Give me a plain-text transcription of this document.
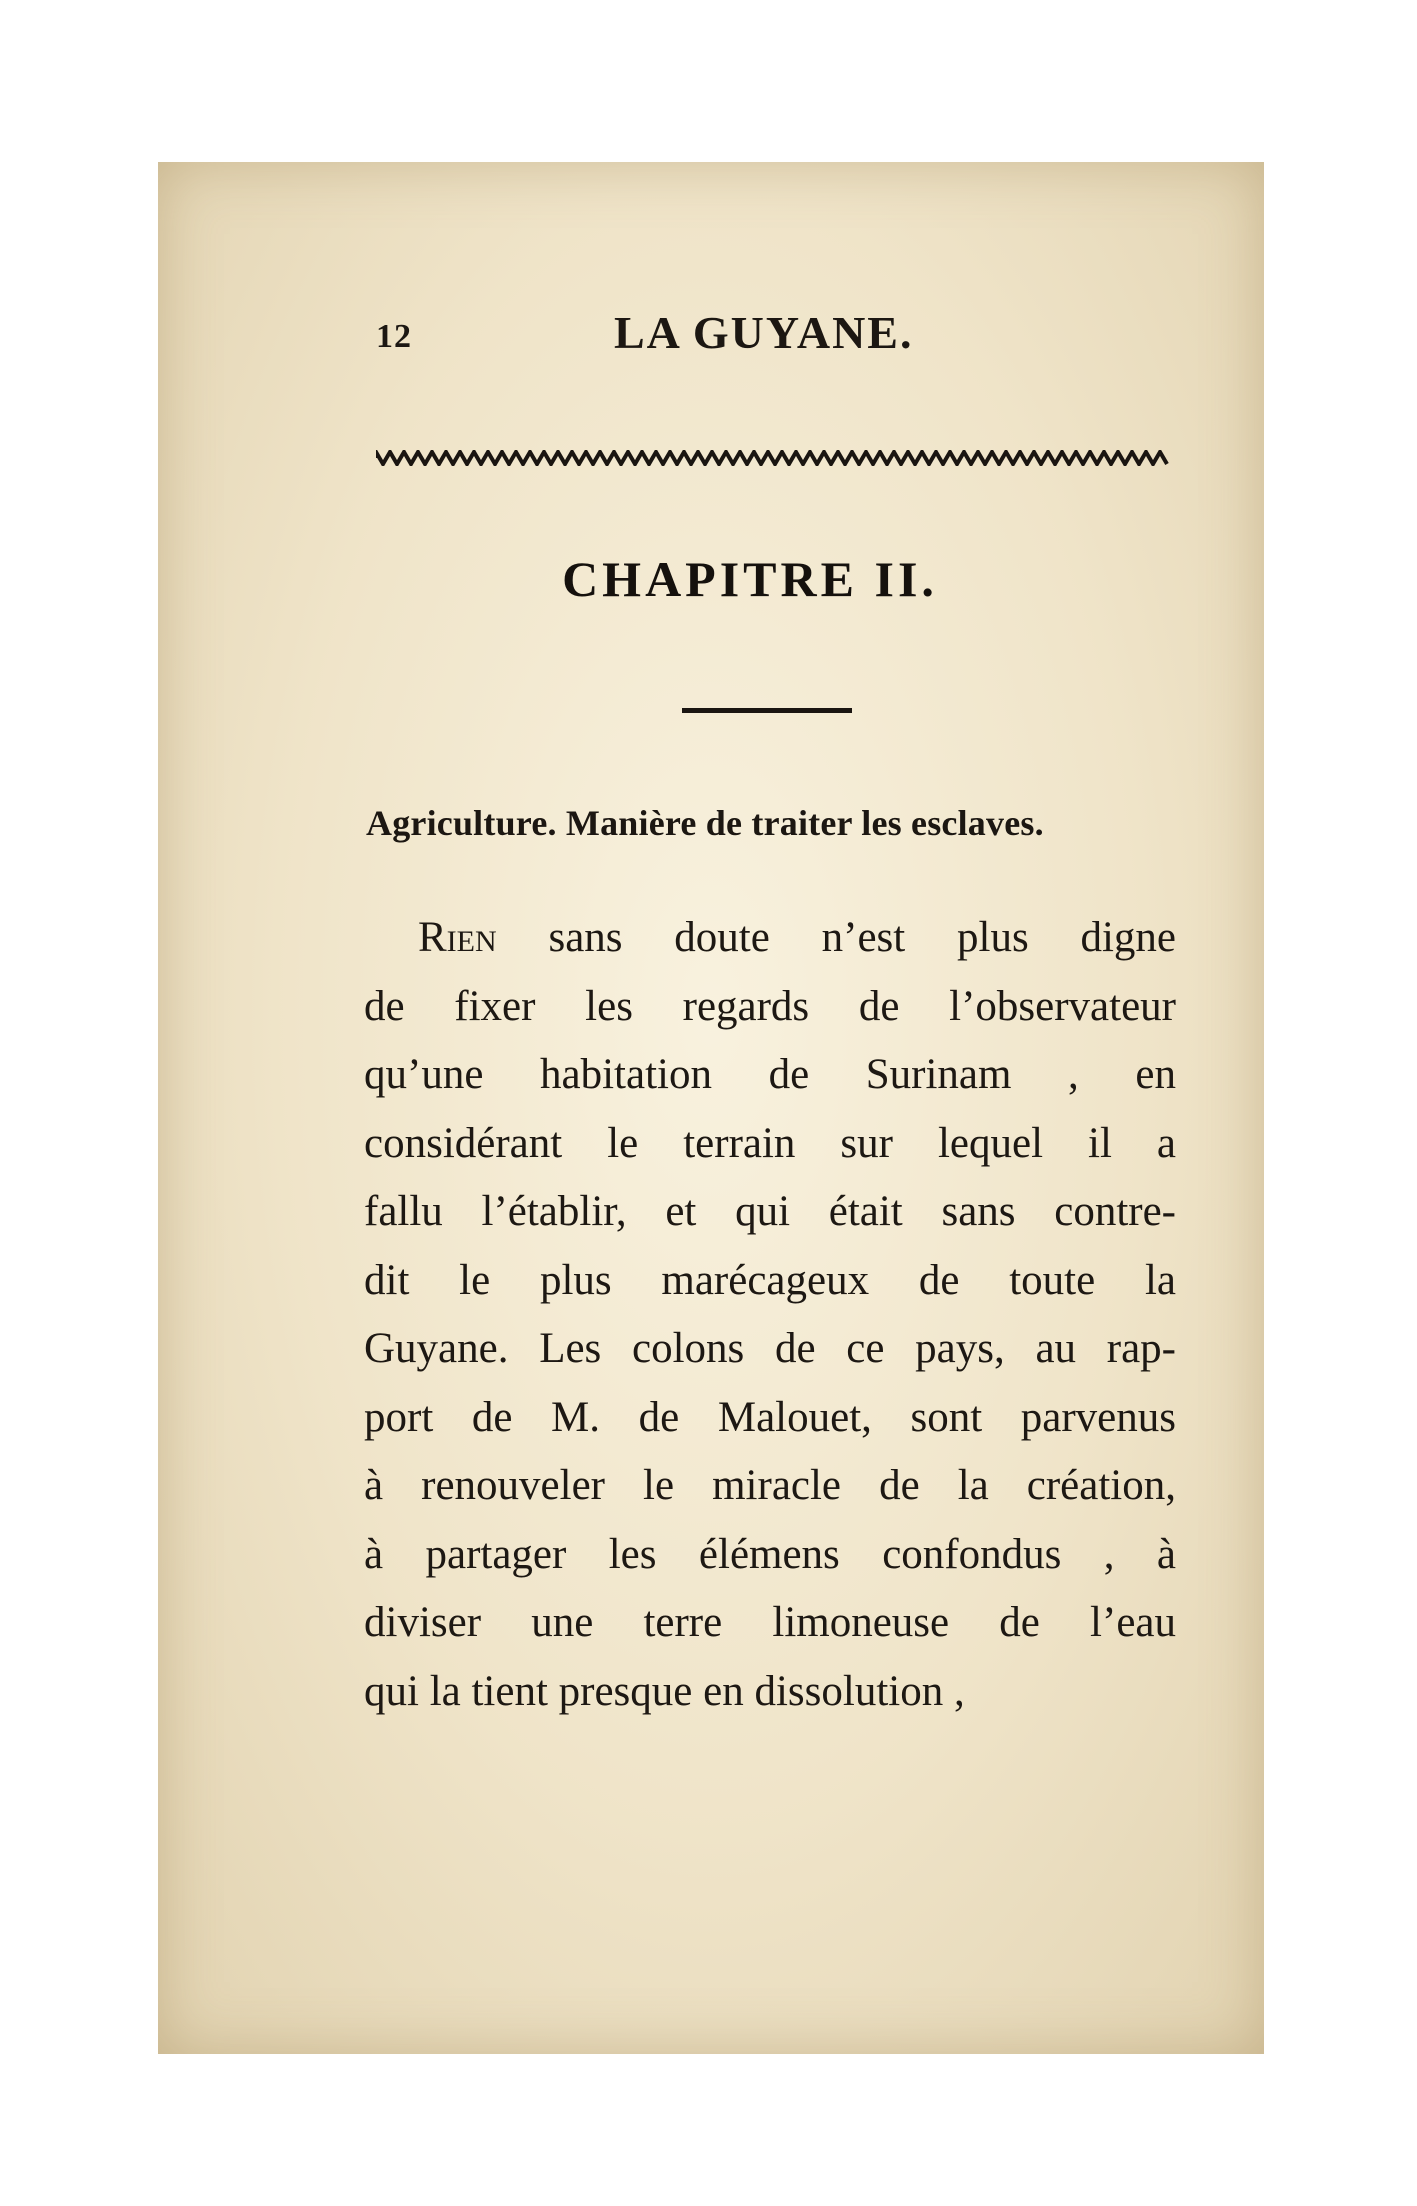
12	LA GUYANE.
CHAPITRE II.
Agriculture. Manière de traiter les esclaves.
Rien sans doute n’est plus digne
de fixer les regards de l’observateur
qu’une habitation de Surinam , en
considérant le terrain sur lequel il a
fallu l’établir, et qui était sans contre-
dit le plus marécageux de toute la
Guyane. Les colons de ce pays, au rap-
port de M. de Malouet, sont parvenus
à renouveler le miracle de la création,
à partager les élémens confondus , à
diviser une terre limoneuse de l’eau
qui la tient presque en dissolution ,
